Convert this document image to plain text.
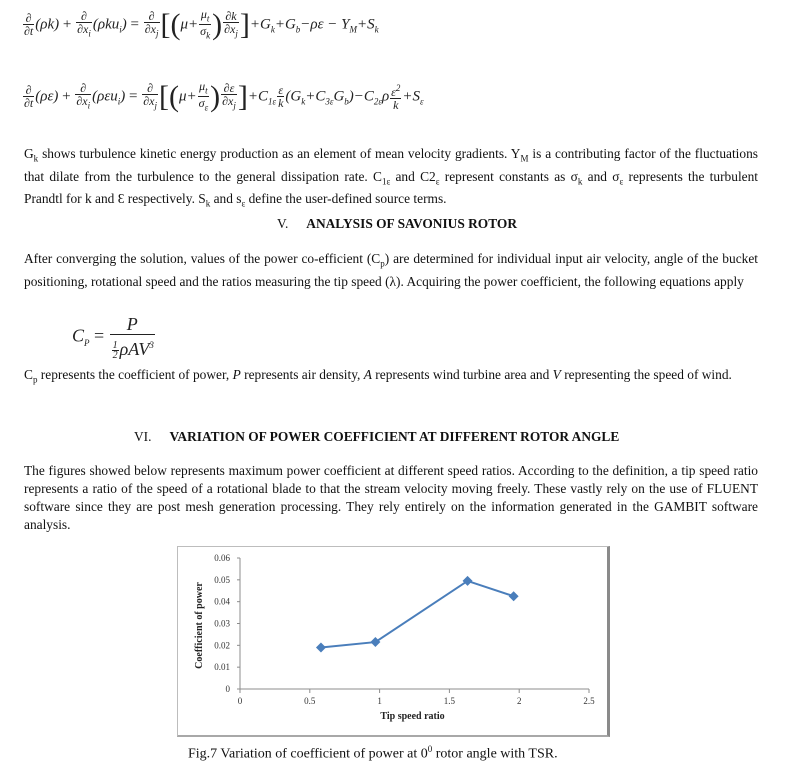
$\frac{\partial}{\partial t} (\rho k) + \frac{\partial}{\partial x_i} (\rho ku_i) = \frac{\partial}{\partial x_j} [(\mu+ \frac{\mu_t}{\sigma_k}$ ) $\frac{\partial k}{\partial x_j} ]+G_k+G_b-\rho\varepsilon - Y_M+S_k$
$\frac{\partial}{\partial t} (\rho\varepsilon) + \frac{\partial}{\partial x_i} (\rho\varepsilon u_i) = \frac{\partial}{\partial x_j} [(\mu+ \frac{\mu_t}{\sigma_\varepsilon}$ ) $\frac{\partial\varepsilon}{\partial x_j} ]+C_{1\varepsilon} \frac{\varepsilon}{k} (G_k+C_{3\varepsilon}G_b)-C_{2\varepsilon}\rho \frac{\varepsilon^2}{k} +S_\varepsilon$
$G_k$ shows turbulence kinetic energy production as an element of mean velocity gradients. $Y_M$ is a contributing factor of the fluctuations that dilate from the turbulence to the general dissipation rate. $C_{1\varepsilon}$ and $C2_\varepsilon$ represent constants as $\sigma_k$ and $\sigma_\varepsilon$ represents the turbulent Prandtl for k and Ɛ respectively. $S_k$ and $s_\varepsilon$ define the user-defined source terms.
V. ANALYSIS OF SAVONIUS ROTOR
After converging the solution, values of the power co-efficient $(C_p)$ are determined for individual input air velocity, angle of the bucket positioning, rotational speed and the ratios measuring the tip speed (λ). Acquiring the power coefficient, the following equations apply
$C_P = \frac{P}{\frac{1}{2} \rho AV^3}$
$C_p$ represents the coefficient of power, P represents air density, A represents wind turbine area and V representing the speed of wind.
VI. VARIATION OF POWER COEFFICIENT AT DIFFERENT ROTOR ANGLE
The figures showed below represents maximum power coefficient at different speed ratios. According to the definition, a tip speed ratio represents a ratio of the speed of a rotational blade to that the stream velocity moving freely. These vastly rely on the use of FLUENT software since they are post mesh generation processing. They rely entirely on the information generated in the GAMBIT software analysis.
0
0.01
0.02
0.03
0.04
0.05
0.06
0	0.5	1	1.5	2	2.5
Tip speed ratio
Coefficient of power
Fig.7 Variation of coefficient of power at $0^0$ rotor angle with TSR.
